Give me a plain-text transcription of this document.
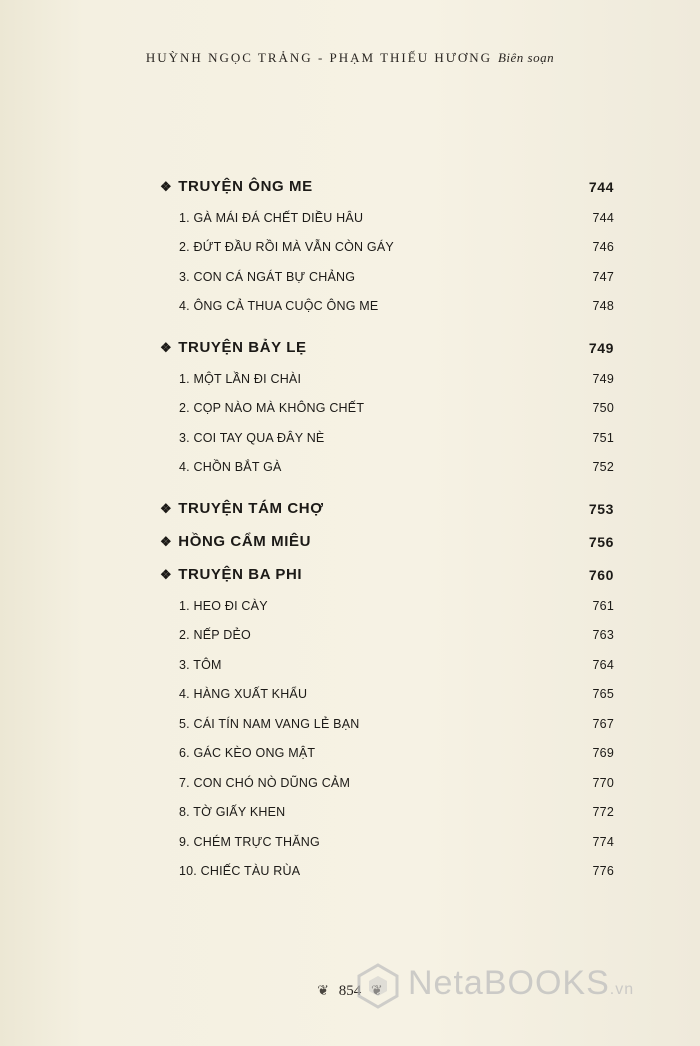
HUỲNH NGỌC TRẢNG - PHẠM THIẾU HƯƠNG Biên soạn
❖ TRUYỆN ÔNG ME	744
1. GÀ MÁI ĐÁ CHẾT DIỀU HÂU	744
2. ĐỨT ĐẦU RỒI MÀ VẪN CÒN GÁY	746
3. CON CÁ NGÁT BỰ CHẢNG	747
4. ÔNG CẢ THUA CUỘC ÔNG ME	748
❖ TRUYỆN BẢY LẸ	749
1. MỘT LẦN ĐI CHÀI	749
2. CỌP NÀO MÀ KHÔNG CHẾT	750
3. COI TAY QUA ĐÂY NÈ	751
4. CHỒN BẮT GÀ	752
❖ TRUYỆN TÁM CHỢ	753
❖ HỒNG CẨM MIÊU	756
❖ TRUYỆN BA PHI	760
1. HEO ĐI CÀY	761
2. NẾP DẺO	763
3. TÔM	764
4. HÀNG XUẤT KHẨU	765
5. CÁI TÍN NAM VANG LẺ BẠN	767
6. GÁC KÈO ONG MẬT	769
7. CON CHÓ NÒ DŨNG CẢM	770
8. TỜ GIẤY KHEN	772
9. CHÉM TRỰC THĂNG	774
10. CHIẾC TÀU RÙA	776
❦ 854	NetaBOOKS.vn
